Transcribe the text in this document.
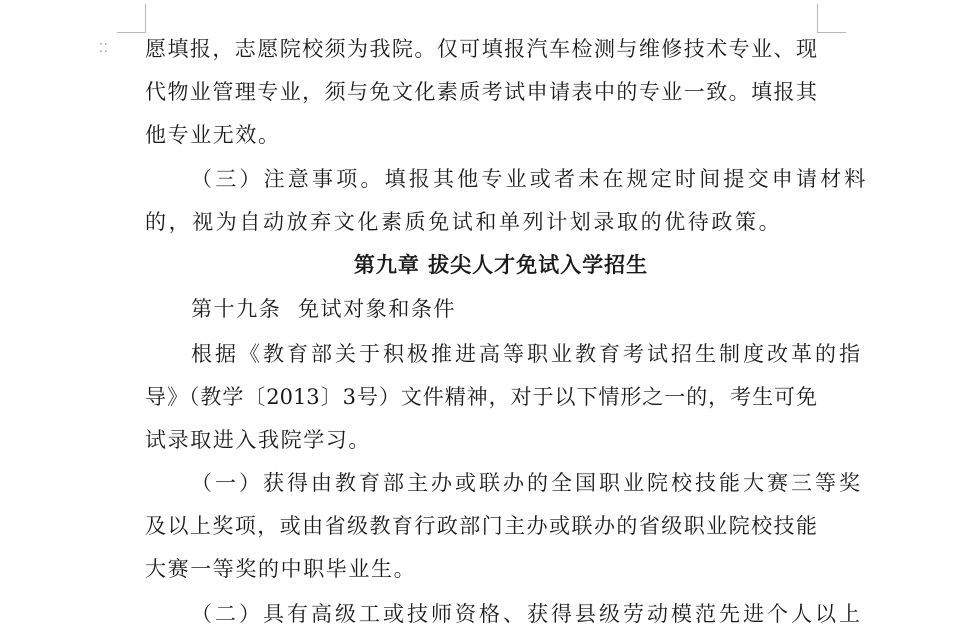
⁚⁚ 愿填报，志愿院校须为我院。仅可填报汽车检测与维修技术专业、现
代物业管理专业，须与免文化素质考试申请表中的专业一致。填报其
他专业无效。
（三）注意事项。填报其他专业或者未在规定时间提交申请材料
的，视为自动放弃文化素质免试和单列计划录取的优待政策。
第九章 拔尖人才免试入学招生
第十九条  免试对象和条件
根据《教育部关于积极推进高等职业教育考试招生制度改革的指
导》（教学〔2013〕3号）文件精神，对于以下情形之一的，考生可免
试录取进入我院学习。
（一）获得由教育部主办或联办的全国职业院校技能大赛三等奖
及以上奖项，或由省级教育行政部门主办或联办的省级职业院校技能
大赛一等奖的中职毕业生。
（二）具有高级工或技师资格、获得县级劳动模范先进个人以上
